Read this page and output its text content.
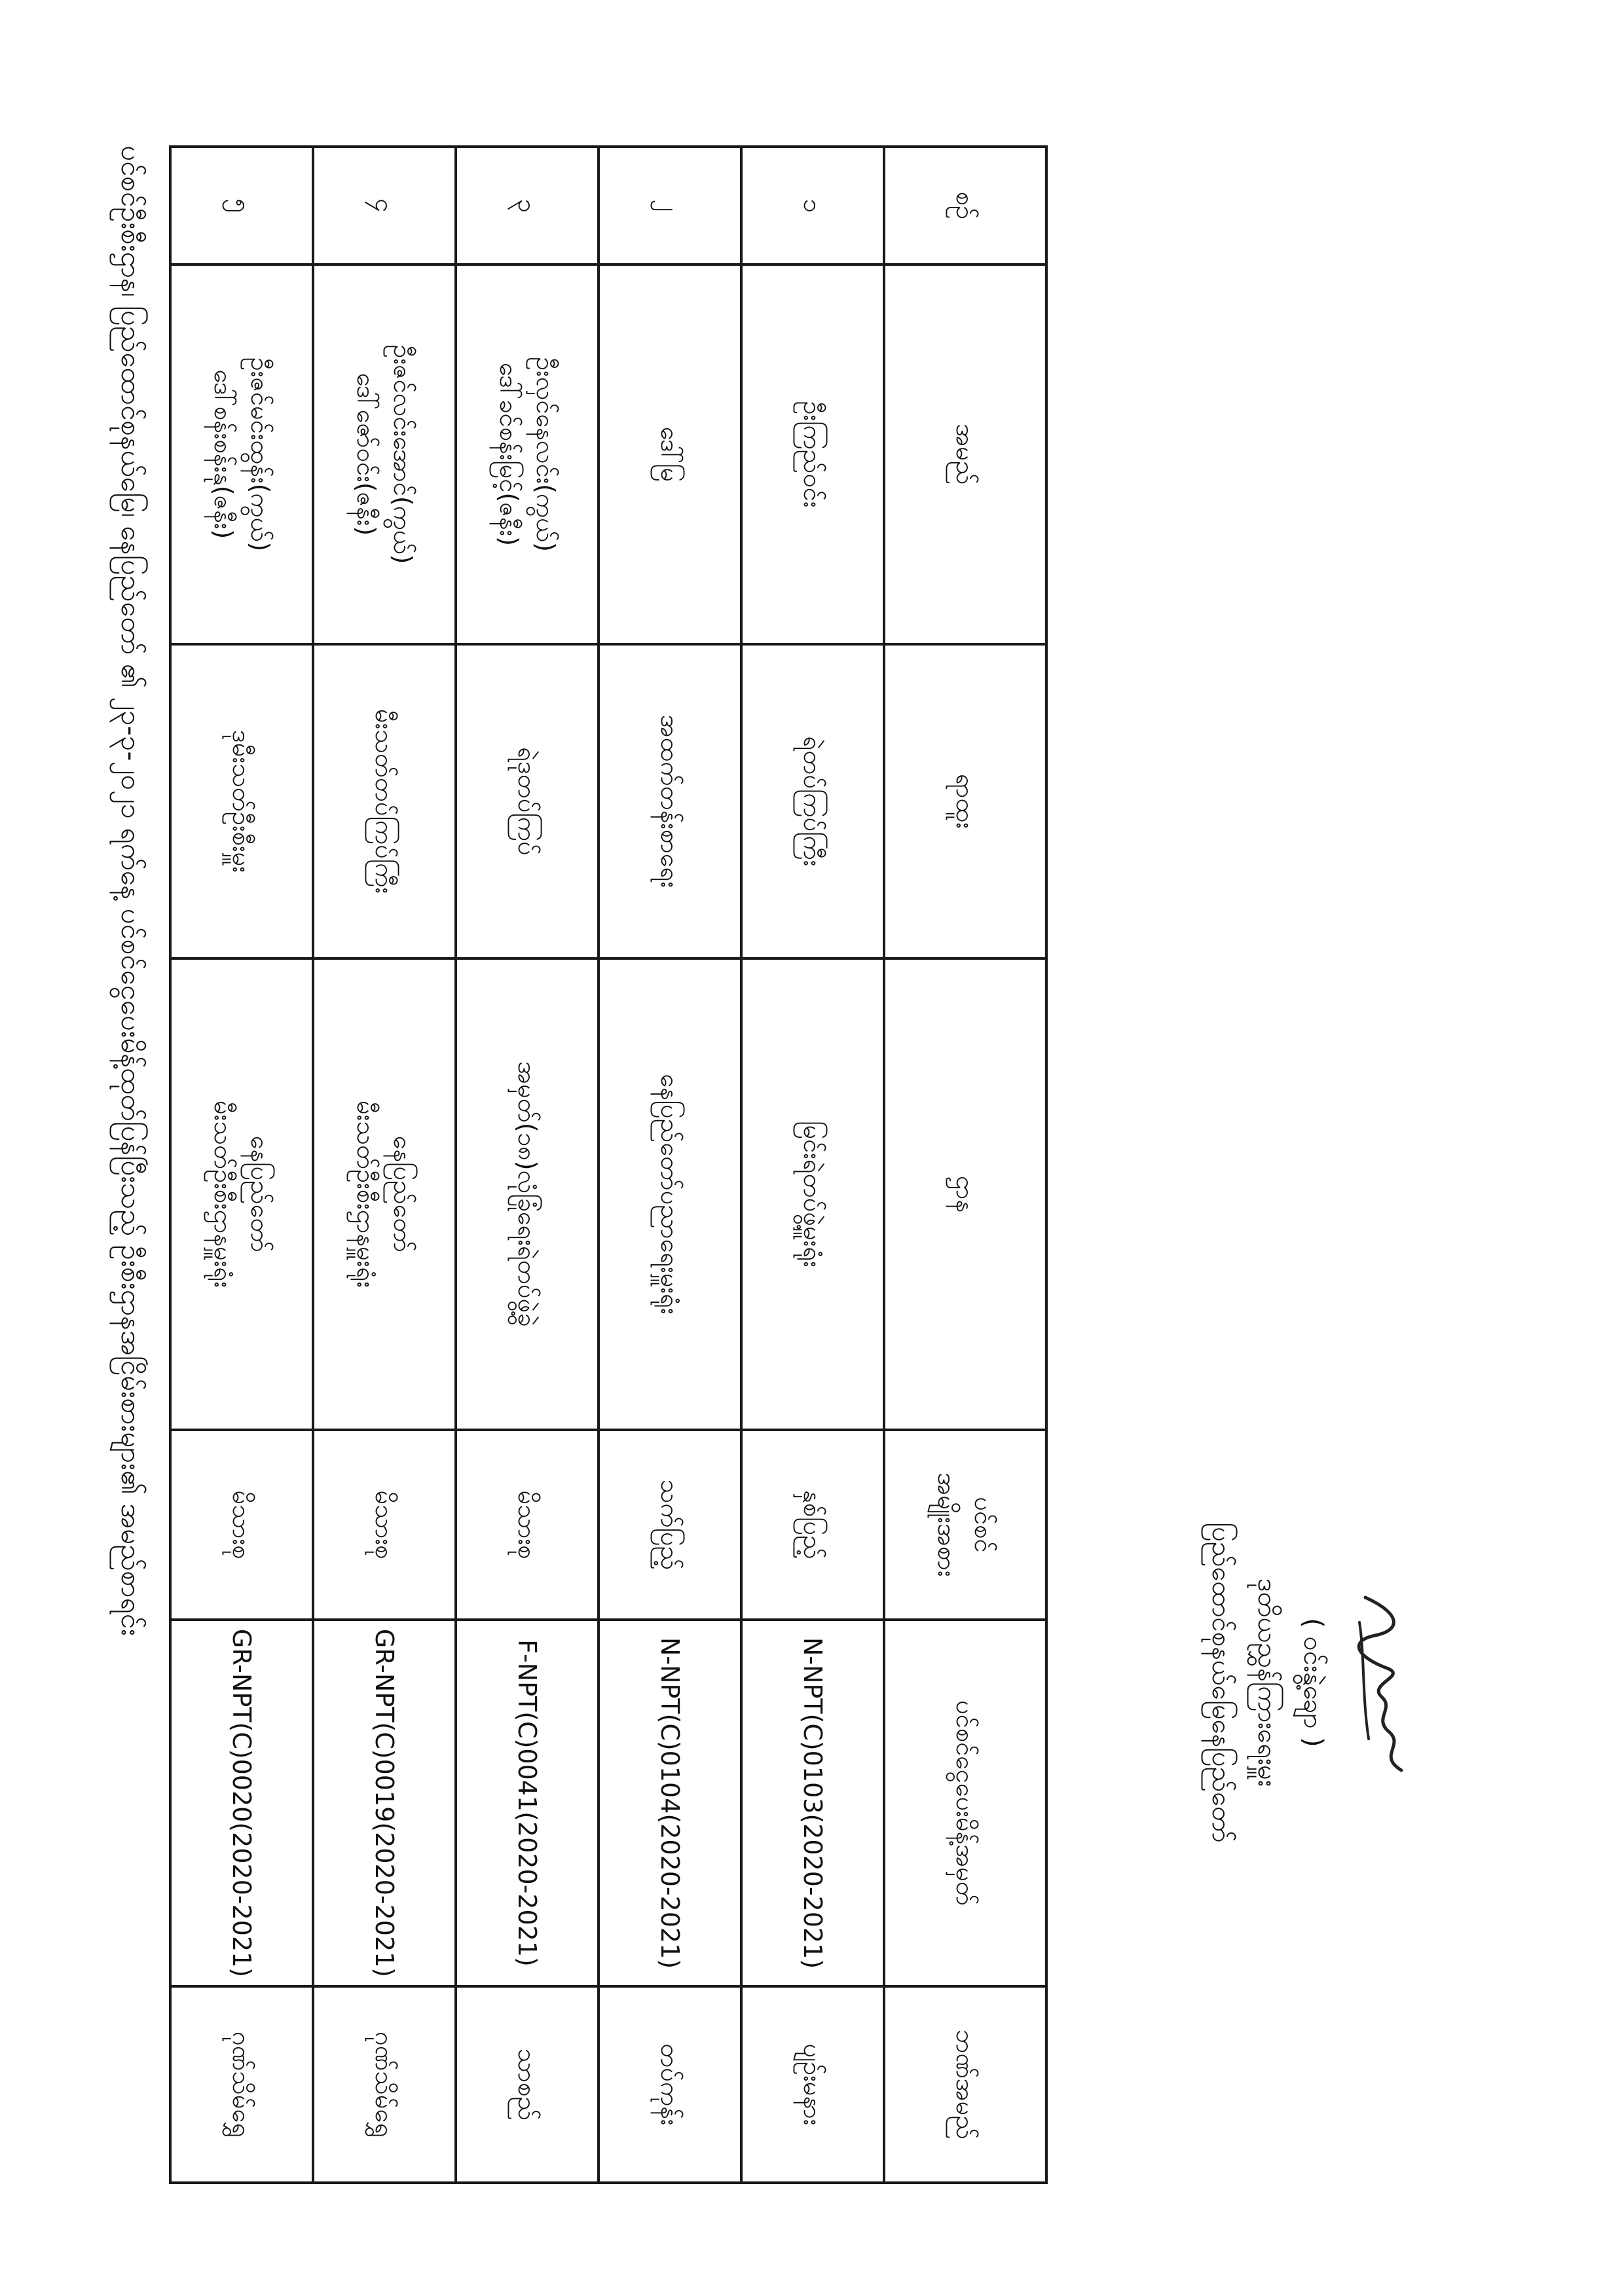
ပင်စင်ဦးစီးဌာန၊ ပြည်ထောင်စုနယ်မြေ၊ နေပြည်တော် ၏ ၂၃-၃-၂၀၂၁ ရက်နေ့ ပင်စင်ငွေပေးမိန့်ထုတ်ပြန်ပြီးသည့် ဦးစီးဌာနအငြိမ်းစားများ၏ အမည်စာရင်း	စဉ်	အမည်	ရာထူး	ဌာန	ပင်စင်
အမျိုးအစား	ပင်စင်ငွေပေးမိန့်အမှတ်	ဘဏ်အမည်
၁	ဦးကြည်ဝင်း	ရဲတပ်ကြပ်ကြီး	မြင်းရဲတပ်ဖွဲ့မှူးရုံး	နှစ်ပြည့်	N-NPT(C)0103(2020-2021)	ပျဉ်းမနား
၂	ဒေါ်မြ	အထက်တန်းစာရေး	နေပြည်တော်ပညာရေးမှူးရုံး	သက်ပြည့်	N-NPT(C)0104(2020-2021)	တပ်ကုန်း
၃	ဦးလှင်နေလင်း(ကွယ်)
ဒေါ်ခင်စန်းမြင့်(ဇနီး)	ရဲဒုတပ်ကြပ်	အမှတ်(၁၈)လုံခြုံရေးရဲတပ်ဖွဲ့ခွဲ	မိသားစု	F-NPT(C)0041(2020-2021)	သာစည်
၄	ဦးဇင်လင်းအောင်(ကွယ်)
ဒေါ်ဇော်ဝင်း(ဇနီး)	မီးသတ်တပ်ကြပ်ကြီး	နေပြည်တော်
မီးသတ်ဦးစီးဌာနမှူးရုံး	မိသားစု	GR-NPT(C)0019(2020-2021)	ဂုဏ်သိမ်ရွှေ
၅	ဦးဇင်မင်းထွန်း(ကွယ်)
ဒေါ်စန်းစန်းနု(ဇနီး)	ဒုမီးသတ်ဦးစီးမှူး	နေပြည်တော်
မီးသတ်ဦးစီးဌာနမှူးရုံး	မိသားစု	GR-NPT(C)0020(2020-2021)	ဂုဏ်သိမ်ရွှေ
( ဝင်းနွဲ့ချော )
ဒုတိယညွှန်ကြားရေးမှူး
ပြည်ထောင်စုနယ်မြေနေပြည်တော်
